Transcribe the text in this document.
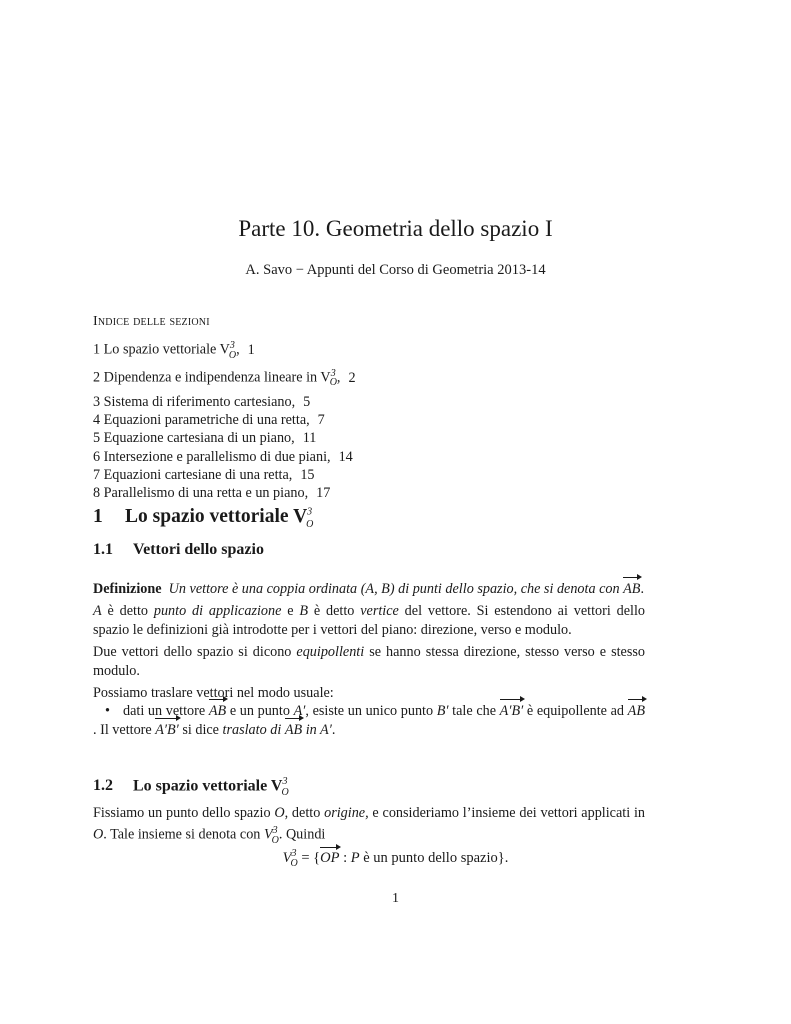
Parte 10. Geometria dello spazio I
A. Savo − Appunti del Corso di Geometria 2013-14
Indice delle sezioni
1 Lo spazio vettoriale $V^3_O$, 1
2 Dipendenza e indipendenza lineare in $V^3_O$, 2
3 Sistema di riferimento cartesiano, 5
4 Equazioni parametriche di una retta, 7
5 Equazione cartesiana di un piano, 11
6 Intersezione e parallelismo di due piani, 14
7 Equazioni cartesiane di una retta, 15
8 Parallelismo di una retta e un piano, 17
1 Lo spazio vettoriale $V^3_O$
1.1 Vettori dello spazio

Definizione Un vettore è una coppia ordinata (A, B) di punti dello spazio, che si denota con AB.

A è detto punto di applicazione e B è detto vertice del vettore. Si estendono ai vettori dello spazio le definizioni già introdotte per i vettori del piano: direzione, verso e modulo.

Due vettori dello spazio si dicono equipollenti se hanno stessa direzione, stesso verso e stesso modulo.

Possiamo traslare vettori nel modo usuale:

• dati un vettore AB e un punto A′, esiste un unico punto B′ tale che A′B′ è equipollente ad AB. Il vettore A′B′ si dice traslato di AB in A′.

1.2 Lo spazio vettoriale $V^3_O$

Fissiamo un punto dello spazio O, detto origine, e consideriamo l’insieme dei vettori applicati in O. Tale insieme si denota con $V^3_O$. Quindi

$V^3_O = \{OP$ : P è un punto dello spazio}.
1
